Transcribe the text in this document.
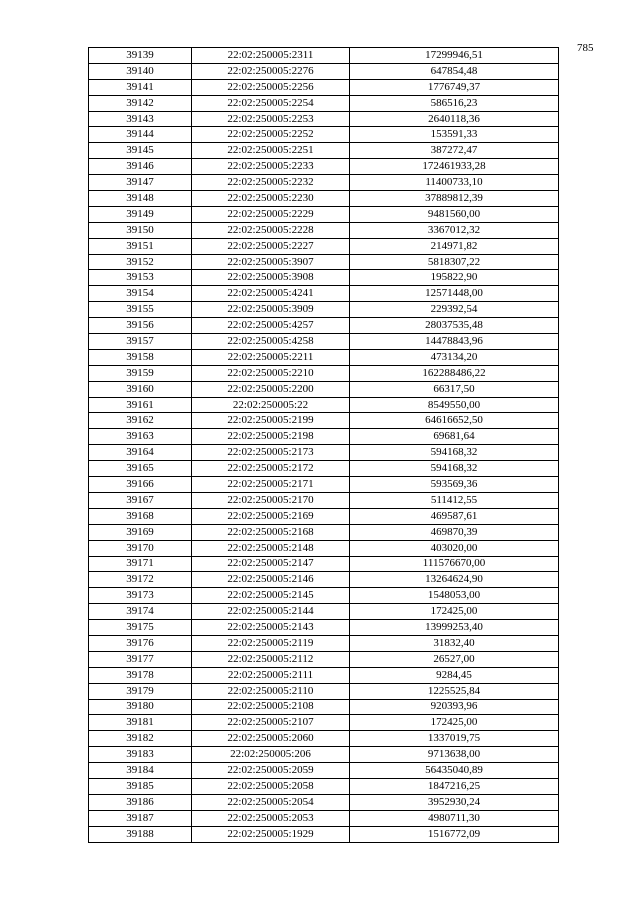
785
39139	22:02:250005:2311	17299946,51
39140	22:02:250005:2276	647854,48
39141	22:02:250005:2256	1776749,37
39142	22:02:250005:2254	586516,23
39143	22:02:250005:2253	2640118,36
39144	22:02:250005:2252	153591,33
39145	22:02:250005:2251	387272,47
39146	22:02:250005:2233	172461933,28
39147	22:02:250005:2232	11400733,10
39148	22:02:250005:2230	37889812,39
39149	22:02:250005:2229	9481560,00
39150	22:02:250005:2228	3367012,32
39151	22:02:250005:2227	214971,82
39152	22:02:250005:3907	5818307,22
39153	22:02:250005:3908	195822,90
39154	22:02:250005:4241	12571448,00
39155	22:02:250005:3909	229392,54
39156	22:02:250005:4257	28037535,48
39157	22:02:250005:4258	14478843,96
39158	22:02:250005:2211	473134,20
39159	22:02:250005:2210	162288486,22
39160	22:02:250005:2200	66317,50
39161	22:02:250005:22	8549550,00
39162	22:02:250005:2199	64616652,50
39163	22:02:250005:2198	69681,64
39164	22:02:250005:2173	594168,32
39165	22:02:250005:2172	594168,32
39166	22:02:250005:2171	593569,36
39167	22:02:250005:2170	511412,55
39168	22:02:250005:2169	469587,61
39169	22:02:250005:2168	469870,39
39170	22:02:250005:2148	403020,00
39171	22:02:250005:2147	111576670,00
39172	22:02:250005:2146	13264624,90
39173	22:02:250005:2145	1548053,00
39174	22:02:250005:2144	172425,00
39175	22:02:250005:2143	13999253,40
39176	22:02:250005:2119	31832,40
39177	22:02:250005:2112	26527,00
39178	22:02:250005:2111	9284,45
39179	22:02:250005:2110	1225525,84
39180	22:02:250005:2108	920393,96
39181	22:02:250005:2107	172425,00
39182	22:02:250005:2060	1337019,75
39183	22:02:250005:206	9713638,00
39184	22:02:250005:2059	56435040,89
39185	22:02:250005:2058	1847216,25
39186	22:02:250005:2054	3952930,24
39187	22:02:250005:2053	4980711,30
39188	22:02:250005:1929	1516772,09
